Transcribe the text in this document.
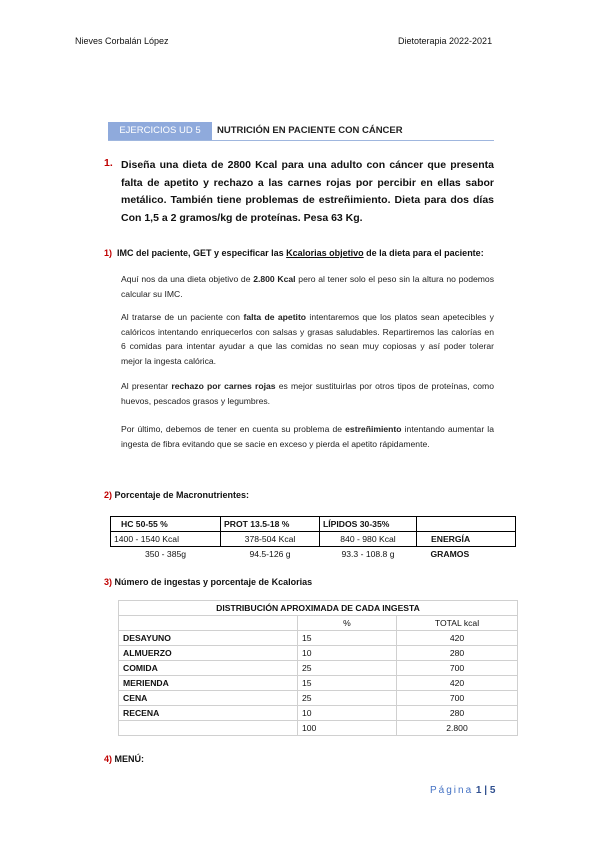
Nieves Corbalán López	Dietoterapia 2022-2021
EJERCICIOS UD 5	NUTRICIÓN EN PACIENTE CON CÁNCER
1. Diseña una dieta de 2800 Kcal para una adulto con cáncer que presenta falta de apetito y rechazo a las carnes rojas por percibir en ellas sabor metálico. También tiene problemas de estreñimiento. Dieta para dos días Con 1,5 a 2 gramos/kg de proteínas. Pesa 63 Kg.
1) IMC del paciente, GET y especificar las Kcalorias objetivo de la dieta para el paciente:
Aquí nos da una dieta objetivo de 2.800 Kcal pero al tener solo el peso sin la altura no podemos calcular su IMC.
Al tratarse de un paciente con falta de apetito intentaremos que los platos sean apetecibles y calóricos intentando enriquecerlos con salsas y grasas saludables. Repartiremos las calorías en 6 comidas para intentar ayudar a que las comidas no sean muy copiosas y así poder tolerar mejor la ingesta calórica.
Al presentar rechazo por carnes rojas es mejor sustituirlas por otros tipos de proteínas, como huevos, pescados grasos y legumbres.
Por último, debemos de tener en cuenta su problema de estreñimiento intentando aumentar la ingesta de fibra evitando que se sacie en exceso y pierda el apetito rápidamente.
2) Porcentaje de Macronutrientes:
HC 50-55 %	PROT 13.5-18 %	LÍPIDOS 30-35%	
1400 - 1540 Kcal	378-504 Kcal	840 - 980 Kcal	ENERGÍA
350 - 385g	94.5-126 g	93.3 - 108.8 g	GRAMOS
3) Número de ingestas y porcentaje de Kcalorias
DISTRIBUCIÓN APROXIMADA DE CADA INGESTA		
	%	TOTAL kcal
DESAYUNO	15	420
ALMUERZO	10	280
COMIDA	25	700
MERIENDA	15	420
CENA	25	700
RECENA	10	280
	100	2.800
4) MENÚ:
Página 1 | 5
